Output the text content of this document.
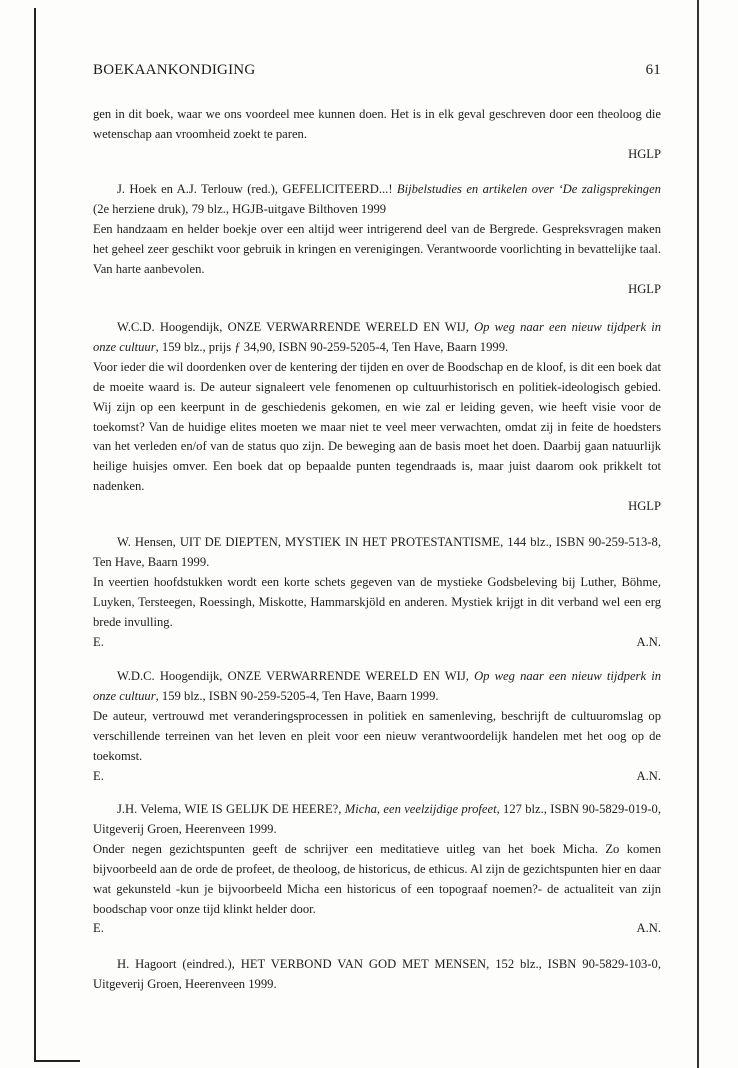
BOEKAANKONDIGING	61

gen in dit boek, waar we ons voordeel mee kunnen doen. Het is in elk geval geschreven door een theoloog die wetenschap aan vroomheid zoekt te paren.

HGLP

J. Hoek en A.J. Terlouw (red.), GEFELICITEERD...! Bijbelstudies en artikelen over ‘De zaligsprekingen (2e herziene druk), 79 blz., HGJB-uitgave Bilthoven 1999

Een handzaam en helder boekje over een altijd weer intrigerend deel van de Bergrede. Gespreksvragen maken het geheel zeer geschikt voor gebruik in kringen en verenigingen. Verantwoorde voorlichting in bevattelijke taal. Van harte aanbevolen.

HGLP

W.C.D. Hoogendijk, ONZE VERWARRENDE WERELD EN WIJ, Op weg naar een nieuw tijdperk in onze cultuur, 159 blz., prijs ƒ 34,90, ISBN 90-259-5205-4, Ten Have, Baarn 1999.

Voor ieder die wil doordenken over de kentering der tijden en over de Boodschap en de kloof, is dit een boek dat de moeite waard is. De auteur signaleert vele fenomenen op cultuurhistorisch en politiek-ideologisch gebied. Wij zijn op een keerpunt in de geschiedenis gekomen, en wie zal er leiding geven, wie heeft visie voor de toekomst? Van de huidige elites moeten we maar niet te veel meer verwachten, omdat zij in feite de hoedsters van het verleden en/of van de status quo zijn. De beweging aan de basis moet het doen. Daarbij gaan natuurlijk heilige huisjes omver. Een boek dat op bepaalde punten tegendraads is, maar juist daarom ook prikkelt tot nadenken.

HGLP

W. Hensen, UIT DE DIEPTEN, MYSTIEK IN HET PROTESTANTISME, 144 blz., ISBN 90-259-513-8, Ten Have, Baarn 1999.

In veertien hoofdstukken wordt een korte schets gegeven van de mystieke Godsbeleving bij Luther, Böhme, Luyken, Tersteegen, Roessingh, Miskotte, Hammarskjöld en anderen. Mystiek krijgt in dit verband wel een erg brede invulling.

E.	A.N.

W.D.C. Hoogendijk, ONZE VERWARRENDE WERELD EN WIJ, Op weg naar een nieuw tijdperk in onze cultuur, 159 blz., ISBN 90-259-5205-4, Ten Have, Baarn 1999.

De auteur, vertrouwd met veranderingsprocessen in politiek en samenleving, beschrijft de cultuuromslag op verschillende terreinen van het leven en pleit voor een nieuw verantwoordelijk handelen met het oog op de toekomst.

E.	A.N.

J.H. Velema, WIE IS GELIJK DE HEERE?, Micha, een veelzijdige profeet, 127 blz., ISBN 90-5829-019-0, Uitgeverij Groen, Heerenveen 1999.

Onder negen gezichtspunten geeft de schrijver een meditatieve uitleg van het boek Micha. Zo komen bijvoorbeeld aan de orde de profeet, de theoloog, de historicus, de ethicus. Al zijn de gezichtspunten hier en daar wat gekunsteld -kun je bijvoorbeeld Micha een historicus of een topograaf noemen?- de actualiteit van zijn boodschap voor onze tijd klinkt helder door.

E.	A.N.

H. Hagoort (eindred.), HET VERBOND VAN GOD MET MENSEN, 152 blz., ISBN 90-5829-103-0, Uitgeverij Groen, Heerenveen 1999.
